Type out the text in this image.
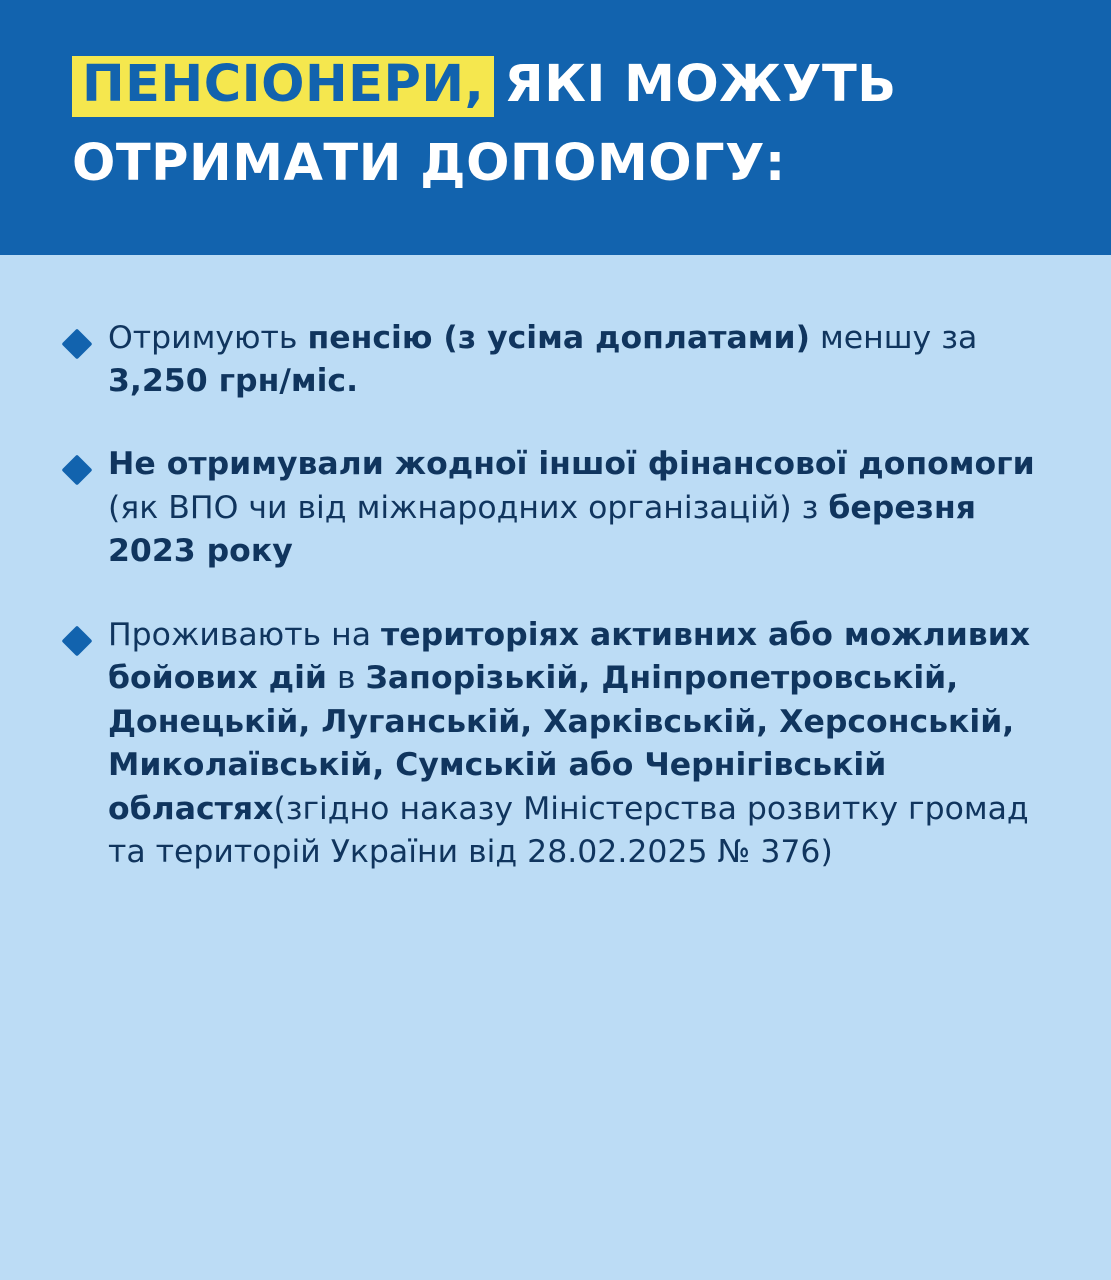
ПЕНСІОНЕРИ, ЯКІ МОЖУТЬ
ОТРИМАТИ ДОПОМОГУ:
Отримують пенсію (з усіма доплатами) меншу за 3,250 грн/міс.
Не отримували жодної іншої фінансової допомоги (як ВПО чи від міжнародних організацій) з березня 2023 року
Проживають на територіях активних або можливих бойових дій в Запорізькій, Дніпропетровській, Донецькій, Луганській, Харківській, Херсонській, Миколаївській, Сумській або Чернігівській областях(згідно наказу Міністерства розвитку громад та територій України від 28.02.2025 № 376)
